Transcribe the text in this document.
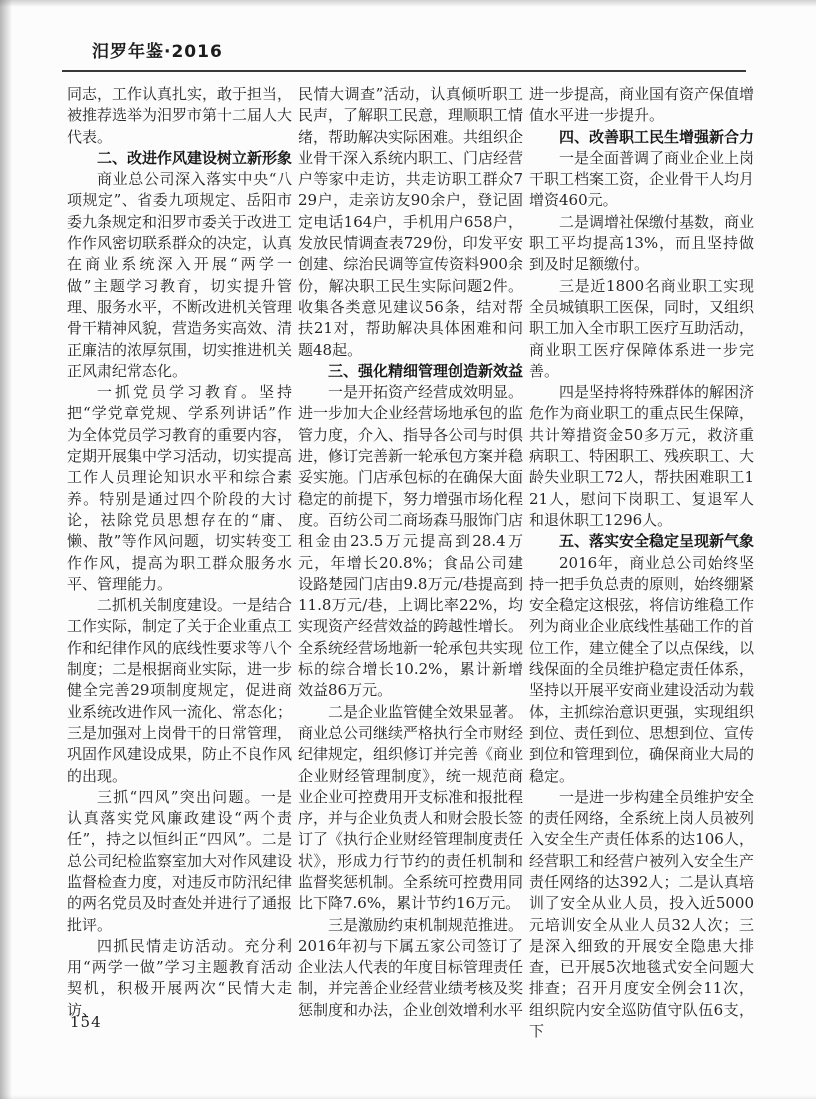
汨罗年鉴·2016

同志，工作认真扎实，敢于担当，被推荐选举为汨罗市第十二届人大代表。

二、改进作风建设树立新形象

商业总公司深入落实中央“八项规定”、省委九项规定、岳阳市委九条规定和汨罗市委关于改进工作作风密切联系群众的决定，认真在商业系统深入开展“两学一做”主题学习教育，切实提升管理、服务水平，不断改进机关管理骨干精神风貌，营造务实高效、清正廉洁的浓厚氛围，切实推进机关正风肃纪常态化。

一抓党员学习教育。坚持把“学党章党规、学系列讲话”作为全体党员学习教育的重要内容，定期开展集中学习活动，切实提高工作人员理论知识水平和综合素养。特别是通过四个阶段的大讨论，祛除党员思想存在的“庸、懒、散”等作风问题，切实转变工作作风，提高为职工群众服务水平、管理能力。

二抓机关制度建设。一是结合工作实际，制定了关于企业重点工作和纪律作风的底线性要求等八个制度；二是根据商业实际，进一步健全完善29项制度规定，促进商业系统改进作风一流化、常态化；三是加强对上岗骨干的日常管理，巩固作风建设成果，防止不良作风的出现。

三抓“四风”突出问题。一是认真落实党风廉政建设“两个责任”，持之以恒纠正“四风”。二是总公司纪检监察室加大对作风建设监督检查力度，对违反市防汛纪律的两名党员及时查处并进行了通报批评。

四抓民情走访活动。充分利用“两学一做”学习主题教育活动契机，积极开展两次“民情大走访、

民情大调查”活动，认真倾听职工民声，了解职工民意，理顺职工情绪，帮助解决实际困难。共组织企业骨干深入系统内职工、门店经营户等家中走访，共走访职工群众729户，走亲访友90余户，登记固定电话164户，手机用户658户，发放民情调查表729份，印发平安创建、综治民调等宣传资料900余份，解决职工民生实际问题2件。收集各类意见建议56条，结对帮扶21对，帮助解决具体困难和问题48起。

三、强化精细管理创造新效益

一是开拓资产经营成效明显。进一步加大企业经营场地承包的监管力度，介入、指导各公司与时俱进，修订完善新一轮承包方案并稳妥实施。门店承包标的在确保大面稳定的前提下，努力增强市场化程度。百纺公司二商场森马服饰门店租金由23.5万元提高到28.4万元，年增长20.8%；食品公司建设路楚园门店由9.8万元/巷提高到11.8万元/巷，上调比率22%，均实现资产经营效益的跨越性增长。全系统经营场地新一轮承包共实现标的综合增长10.2%，累计新增效益86万元。

二是企业监管健全效果显著。商业总公司继续严格执行全市财经纪律规定，组织修订并完善《商业企业财经管理制度》，统一规范商业企业可控费用开支标准和报批程序，并与企业负责人和财会股长签订了《执行企业财经管理制度责任状》，形成力行节约的责任机制和监督奖惩机制。全系统可控费用同比下降7.6%，累计节约16万元。

三是激励约束机制规范推进。2016年初与下属五家公司签订了企业法人代表的年度目标管理责任制，并完善企业经营业绩考核及奖惩制度和办法，企业创效增利水平

进一步提高，商业国有资产保值增值水平进一步提升。

四、改善职工民生增强新合力

一是全面普调了商业企业上岗干职工档案工资，企业骨干人均月增资460元。

二是调增社保缴付基数，商业职工平均提高13%，而且坚持做到及时足额缴付。

三是近1800名商业职工实现全员城镇职工医保，同时，又组织职工加入全市职工医疗互助活动，商业职工医疗保障体系进一步完善。

四是坚持将特殊群体的解困济危作为商业职工的重点民生保障，共计筹措资金50多万元，救济重病职工、特困职工、残疾职工、大龄失业职工72人，帮扶困难职工121人，慰问下岗职工、复退军人和退休职工1296人。

五、落实安全稳定呈现新气象

2016年，商业总公司始终坚持一把手负总责的原则，始终绷紧安全稳定这根弦，将信访维稳工作列为商业企业底线性基础工作的首位工作，建立健全了以点保线，以线保面的全员维护稳定责任体系，坚持以开展平安商业建设活动为载体，主抓综治意识更强，实现组织到位、责任到位、思想到位、宣传到位和管理到位，确保商业大局的稳定。

一是进一步构建全员维护安全的责任网络，全系统上岗人员被列入安全生产责任体系的达106人，经营职工和经营户被列入安全生产责任网络的达392人；二是认真培训了安全从业人员，投入近5000元培训安全从业人员32人次；三是深入细致的开展安全隐患大排查，已开展5次地毯式安全问题大排查；召开月度安全例会11次，组织院内安全巡防值守队伍6支，下

154
